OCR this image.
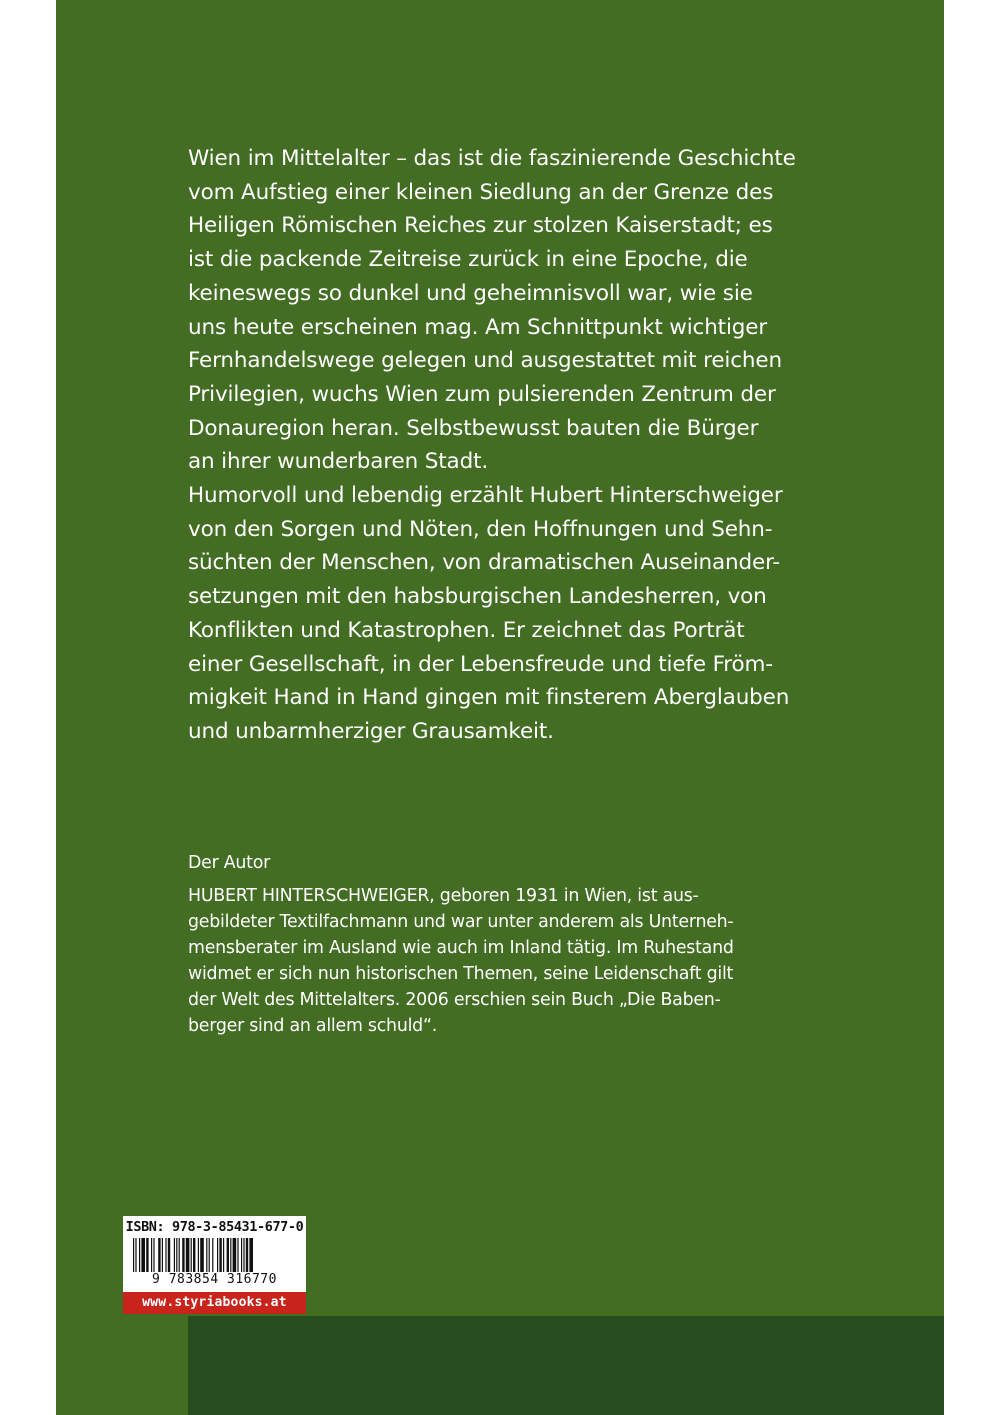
Wien im Mittelalter – das ist die faszinierende Geschichte
vom Aufstieg einer kleinen Siedlung an der Grenze des
Heiligen Römischen Reiches zur stolzen Kaiserstadt; es
ist die packende Zeitreise zurück in eine Epoche, die
keineswegs so dunkel und geheimnisvoll war, wie sie
uns heute erscheinen mag. Am Schnittpunkt wichtiger
Fernhandelswege gelegen und ausgestattet mit reichen
Privilegien, wuchs Wien zum pulsierenden Zentrum der
Donauregion heran. Selbstbewusst bauten die Bürger
an ihrer wunderbaren Stadt.

Humorvoll und lebendig erzählt Hubert Hinterschweiger
von den Sorgen und Nöten, den Hoffnungen und Sehn-
süchten der Menschen, von dramatischen Auseinander-
setzungen mit den habsburgischen Landesherren, von
Konflikten und Katastrophen. Er zeichnet das Porträt
einer Gesellschaft, in der Lebensfreude und tiefe Fröm-
migkeit Hand in Hand gingen mit finsterem Aberglauben
und unbarmherziger Grausamkeit.

Der Autor

HUBERT HINTERSCHWEIGER, geboren 1931 in Wien, ist aus-
gebildeter Textilfachmann und war unter anderem als Unterneh-
mensberater im Ausland wie auch im Inland tätig. Im Ruhestand
widmet er sich nun historischen Themen, seine Leidenschaft gilt
der Welt des Mittelalters. 2006 erschien sein Buch „Die Baben-
berger sind an allem schuld“.

ISBN: 978-3-85431-677-0
9 783854 316770
www.styriabooks.at
